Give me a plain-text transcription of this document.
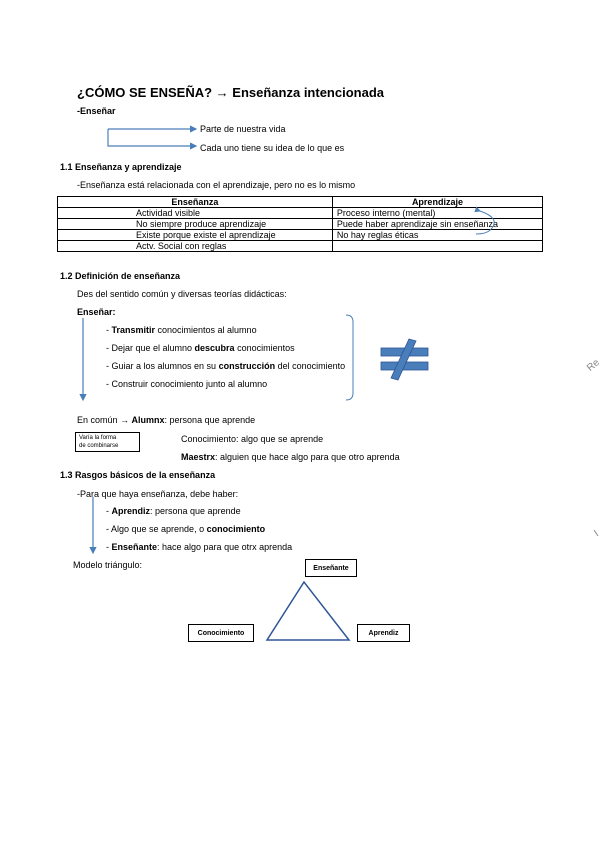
¿CÓMO SE ENSEÑA? → Enseñanza intencionada
-Enseñar
Parte de nuestra vida
Cada uno tiene su idea de lo que es
1.1 Enseñanza y aprendizaje
-Enseñanza está relacionada con el aprendizaje, pero no es lo mismo
Enseñanza	Aprendizaje
Actividad visible	Proceso interno (mental)
No siempre produce aprendizaje	Puede haber aprendizaje sin enseñanza
Existe porque existe el aprendizaje	No hay reglas éticas
Actv. Social con reglas	
1.2 Definición de enseñanza
Des del sentido común y diversas teorías didácticas:
Enseñar:
- Transmitir conocimientos al alumno
- Dejar que el alumno descubra conocimientos
- Guiar a los alumnos en su construcción del conocimiento
- Construir conocimiento junto al alumno
En común → Alumnx: persona que aprende
Varía la forma
de combinarse
Conocimiento: algo que se aprende
Maestrx: alguien que hace algo para que otro aprenda
1.3 Rasgos básicos de la enseñanza
-Para que haya enseñanza, debe haber:
- Aprendiz: persona que aprende
- Algo que se aprende, o conocimiento
- Enseñante: hace algo para que otrx aprenda
Modelo triángulo:	Enseñante
Conocimiento	Aprendiz
Re
